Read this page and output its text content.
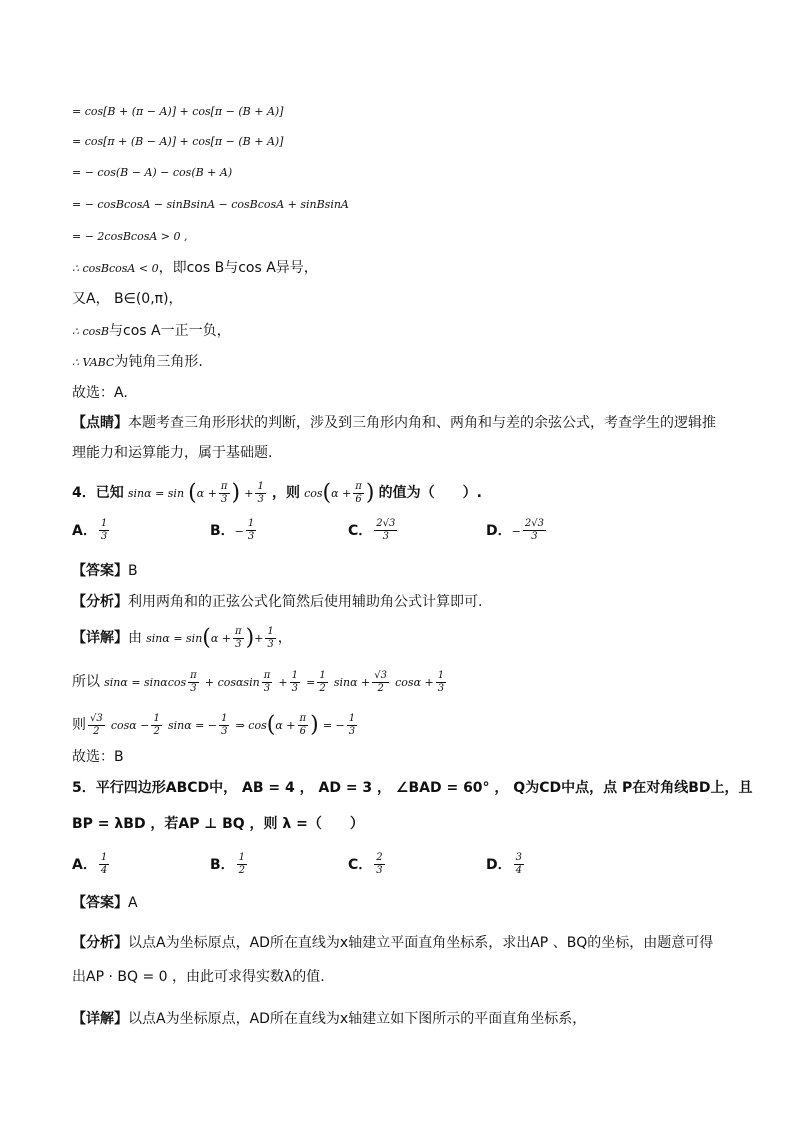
= cos[B + (π − A)] + cos[π − (B + A)]
= cos[π + (B − A)] + cos[π − (B + A)]
= − cos(B − A) − cos(B + A)
= − cosBcosA − sinBsinA − cosBcosA + sinBsinA
= − 2cosBcosA > 0 ,
∴ cosBcosA < 0，即cos B与cos A异号，
又A， B∈(0,π)，
∴ cosB与cos A一正一负，
∴ VABC为钝角三角形.
故选：A.
【点睛】本题考查三角形形状的判断，涉及到三角形内角和、两角和与差的余弦公式，考查学生的逻辑推理能力和运算能力，属于基础题.
4．已知 $\sin\alpha = \sin (\alpha + \frac{\pi}{3}$ ) + $\frac{1}{3}$ ，则 $\cos(\alpha + \frac{\pi}{6}$ ) 的值为（　　）.
A． $\frac{1}{3}$	B．− $\frac{1}{3}$	C． $\frac{2√3}{3}$	D．− $\frac{2√3}{3}$
【答案】B
【分析】利用两角和的正弦公式化简然后使用辅助角公式计算即可.
【详解】由 $\sin\alpha = \sin(\alpha + \frac{\pi}{3}$ )+ $\frac{1}{3}$ ，
所以 sinα = sinαcos $\frac{\pi}{3} + \cos\alpha\sin \frac{\pi}{3} + \frac{1}{3} = \frac{1}{2}$ $\sin\alpha + \frac{√3}{2}$ $\cos\alpha + \frac{1}{3}$
则 $\frac{√3}{2}$ $\cos\alpha - \frac{1}{2}$ sinα = − $\frac{1}{3}$ ⇒ $\cos(\alpha + \frac{\pi}{6}$ ) = − $\frac{1}{3}$
故选：B
5．平行四边形ABCD中， AB = 4 ， AD = 3 ， ∠BAD = 60° ， Q为CD中点，点 P在对角线BD上，且
BP = λBD ，若AP ⊥ BQ ，则 λ =（　　）
A． $\frac{1}{4}$	B． $\frac{1}{2}$	C． $\frac{2}{3}$	D． $\frac{3}{4}$
【答案】A
【分析】以点A为坐标原点，AD所在直线为x轴建立平面直角坐标系，求出AP 、BQ的坐标，由题意可得出AP · BQ = 0 ，由此可求得实数λ的值.
【详解】以点A为坐标原点，AD所在直线为x轴建立如下图所示的平面直角坐标系，
